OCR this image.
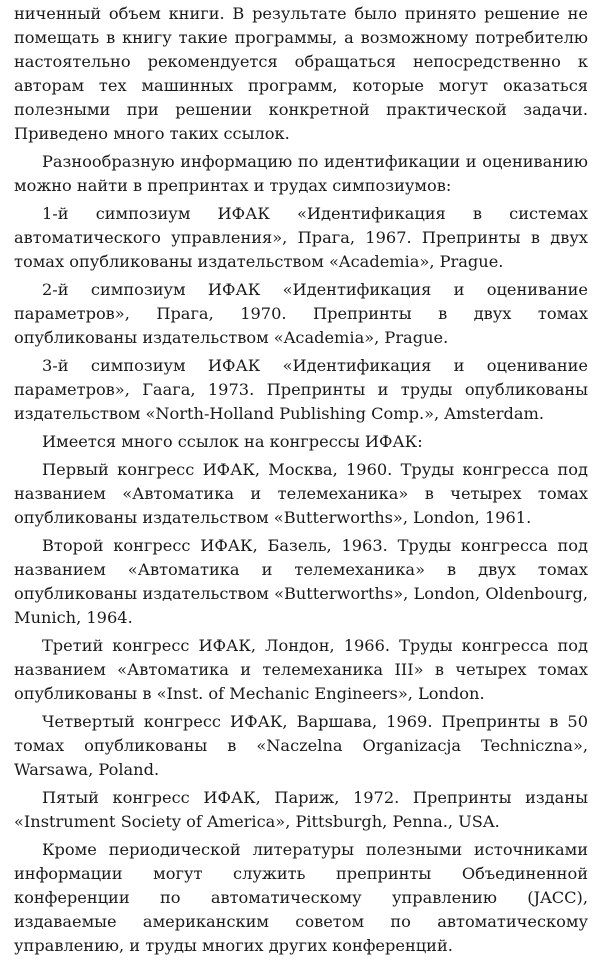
ниченный объем книги. В результате было принято решение не помещать в книгу такие программы, а возможному потребителю настоятельно рекомендуется обращаться непосредственно к авторам тех машинных программ, которые могут оказаться полезными при решении конкретной практической задачи. Приведено много таких ссылок.

Разнообразную информацию по идентификации и оцениванию можно найти в препринтах и трудах симпозиумов:

1-й симпозиум ИФАК «Идентификация в системах автоматического управления», Прага, 1967. Препринты в двух томах опубликованы издательством «Academia», Prague.

2-й симпозиум ИФАК «Идентификация и оценивание параметров», Прага, 1970. Препринты в двух томах опубликованы издательством «Academia», Prague.

3-й симпозиум ИФАК «Идентификация и оценивание параметров», Гаага, 1973. Препринты и труды опубликованы издательством «North-Holland Publishing Comp.», Amsterdam.

Имеется много ссылок на конгрессы ИФАК:

Первый конгресс ИФАК, Москва, 1960. Труды конгресса под названием «Автоматика и телемеханика» в четырех томах опубликованы издательством «Butterworths», London, 1961.

Второй конгресс ИФАК, Базель, 1963. Труды конгресса под названием «Автоматика и телемеханика» в двух томах опубликованы издательством «Butterworths», London, Oldenbourg, Munich, 1964.

Третий конгресс ИФАК, Лондон, 1966. Труды конгресса под названием «Автоматика и телемеханика III» в четырех томах опубликованы в «Inst. of Mechanic Engineers», London.

Четвертый конгресс ИФАК, Варшава, 1969. Препринты в 50 томах опубликованы в «Naczelna Organizacja Techniczna», Warsawa, Poland.

Пятый конгресс ИФАК, Париж, 1972. Препринты изданы «Instrument Society of America», Pittsburgh, Penna., USA.

Кроме периодической литературы полезными источниками информации могут служить препринты Объединенной конференции по автоматическому управлению (JACC), издаваемые американским советом по автоматическому управлению, и труды многих других конференций.
